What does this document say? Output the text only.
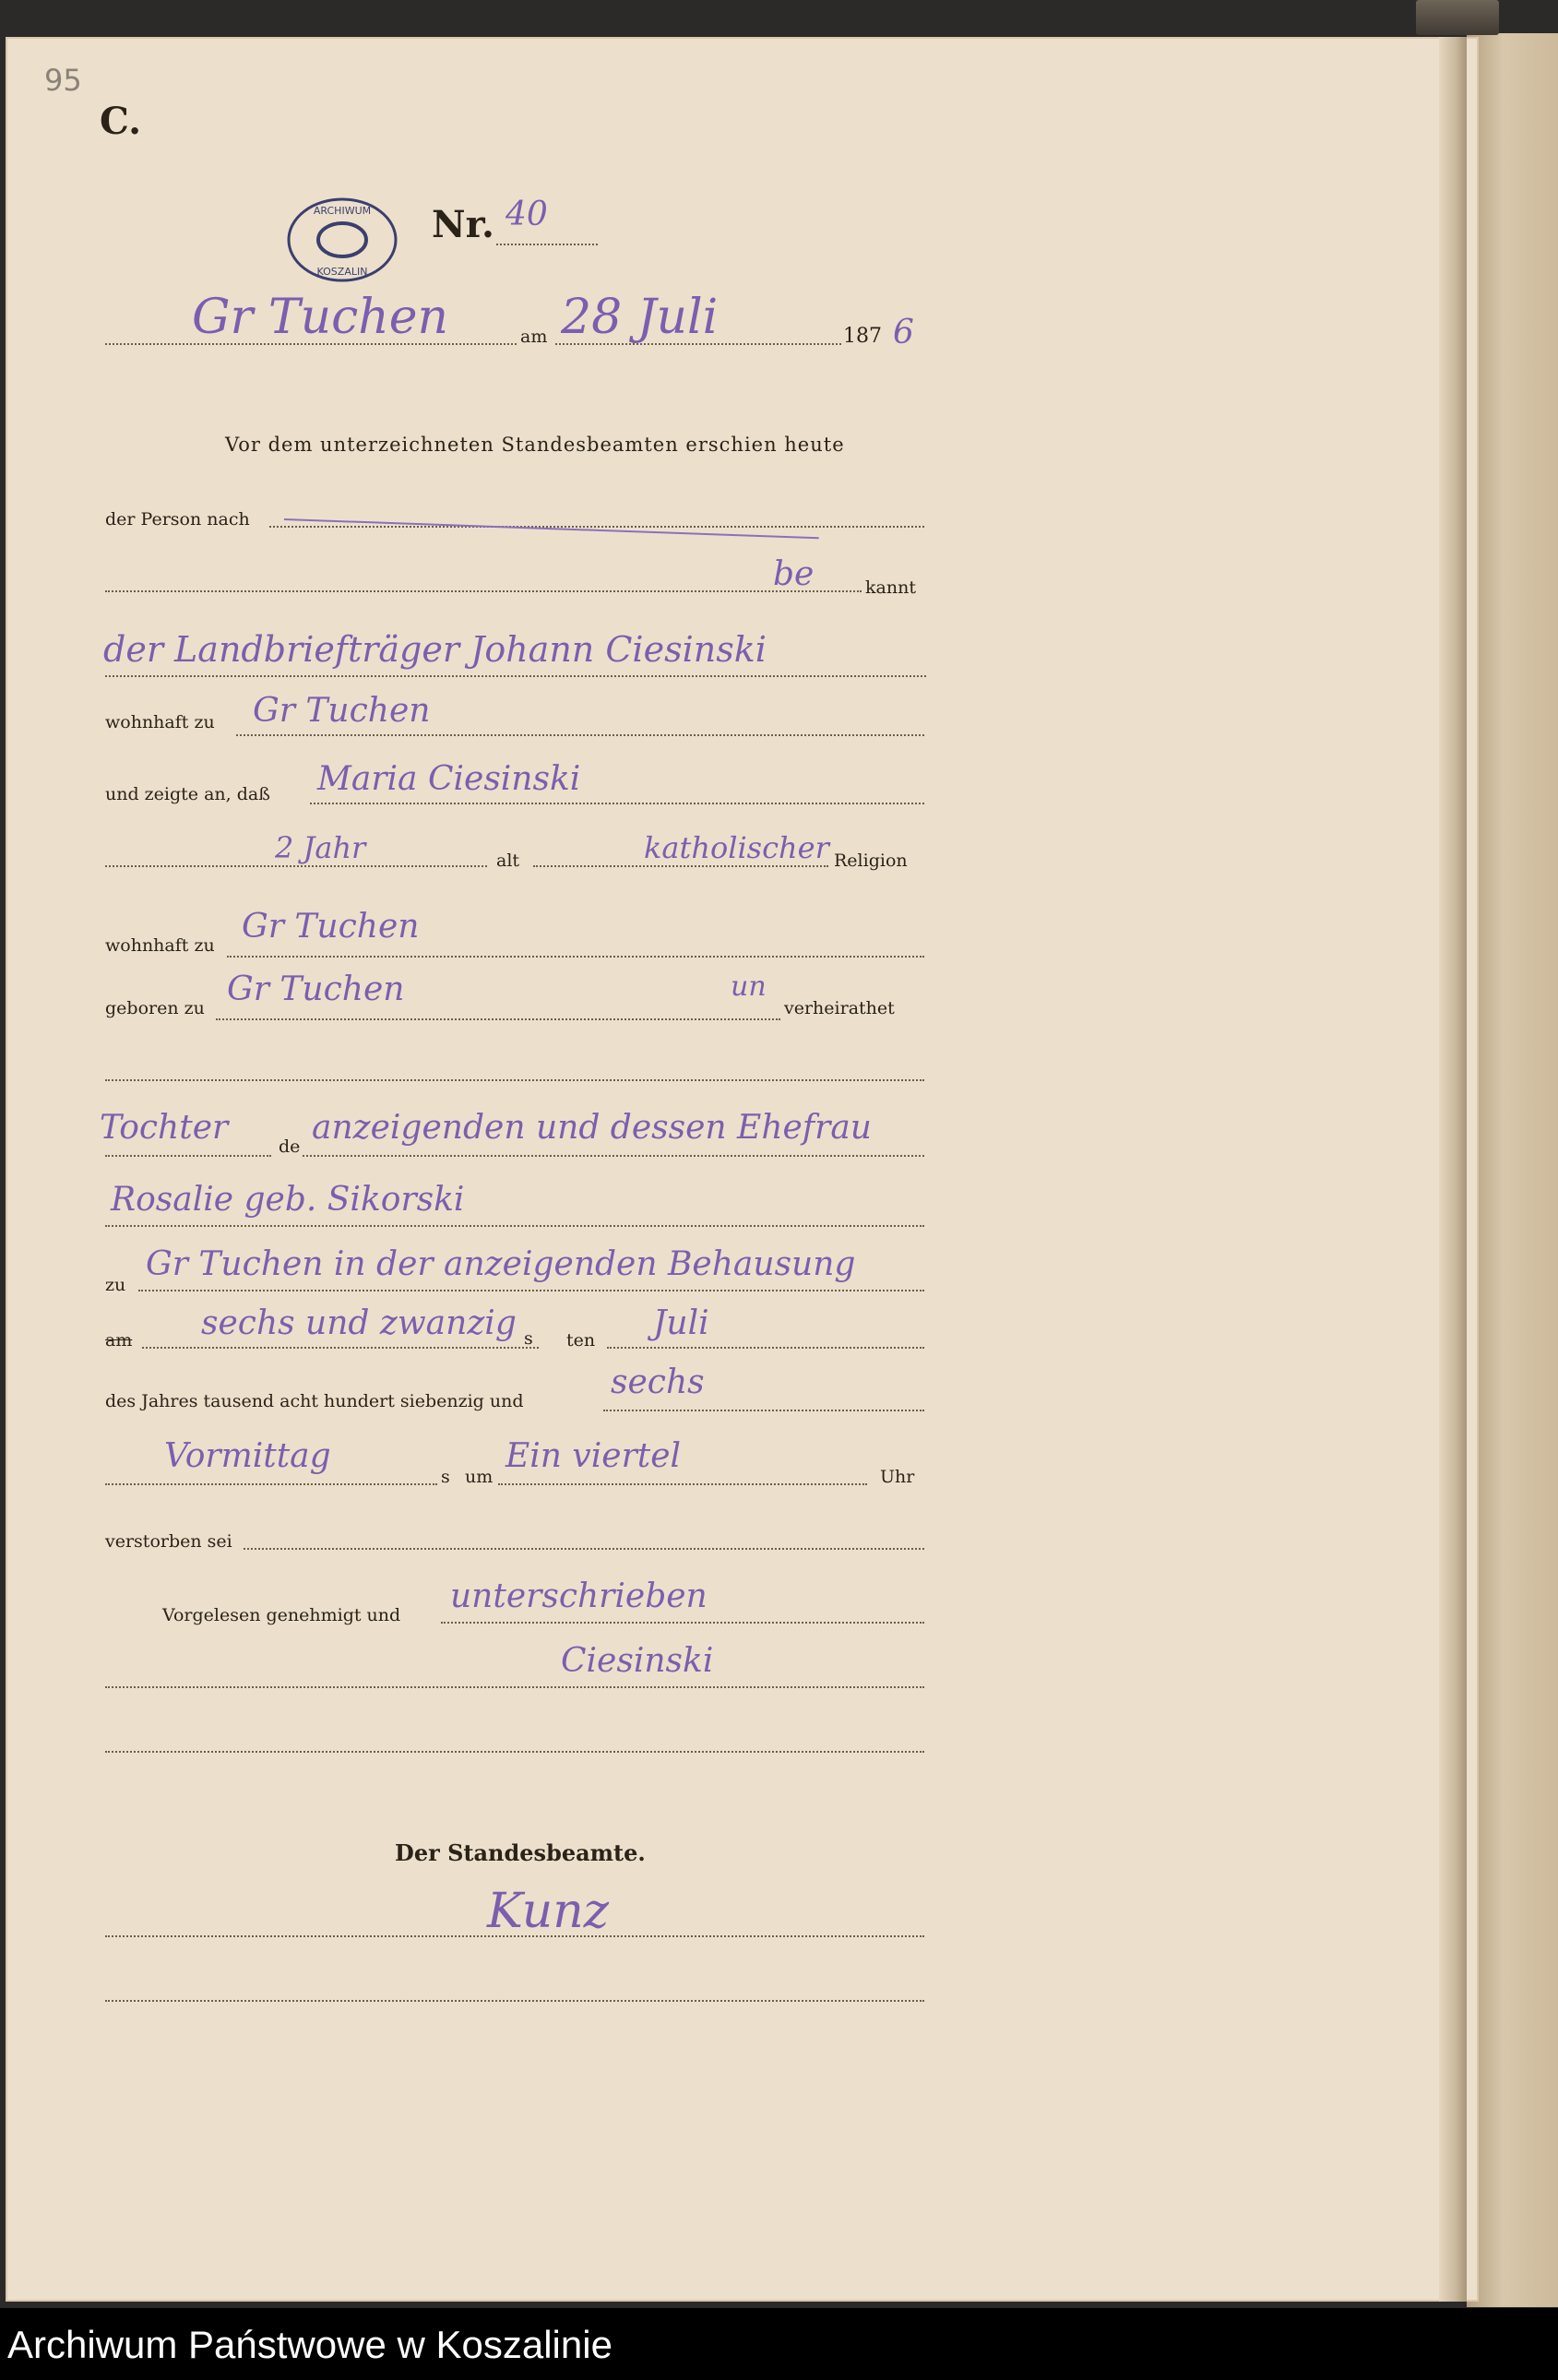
95
C.
ARCHIWUM
KOSZALIN
Nr. 40
Gr Tuchen	am 28 Juli	187 6
Vor dem unterzeichneten Standesbeamten erschien heute
der Person nach
be	kannt
der Landbriefträger Johann Ciesinski
wohnhaft zu Gr Tuchen
und zeigte an, daß Maria Ciesinski
2 Jahr	alt	katholischer Religion
wohnhaft zu Gr Tuchen
geboren zu Gr Tuchen	un
verheirathet
Tochter	de anzeigenden und dessen Ehefrau
Rosalie geb. Sikorski
zu
Gr Tuchen in der anzeigenden Behausung
am sechs und zwanzig s ten Juli
des Jahres tausend acht hundert siebenzig und	sechs
Vormittag
s um
Ein viertel
Uhr
verstorben sei
Vorgelesen genehmigt und unterschrieben
Ciesinski
Der Standesbeamte.
Kunz
Archiwum Państwowe w Koszalinie
